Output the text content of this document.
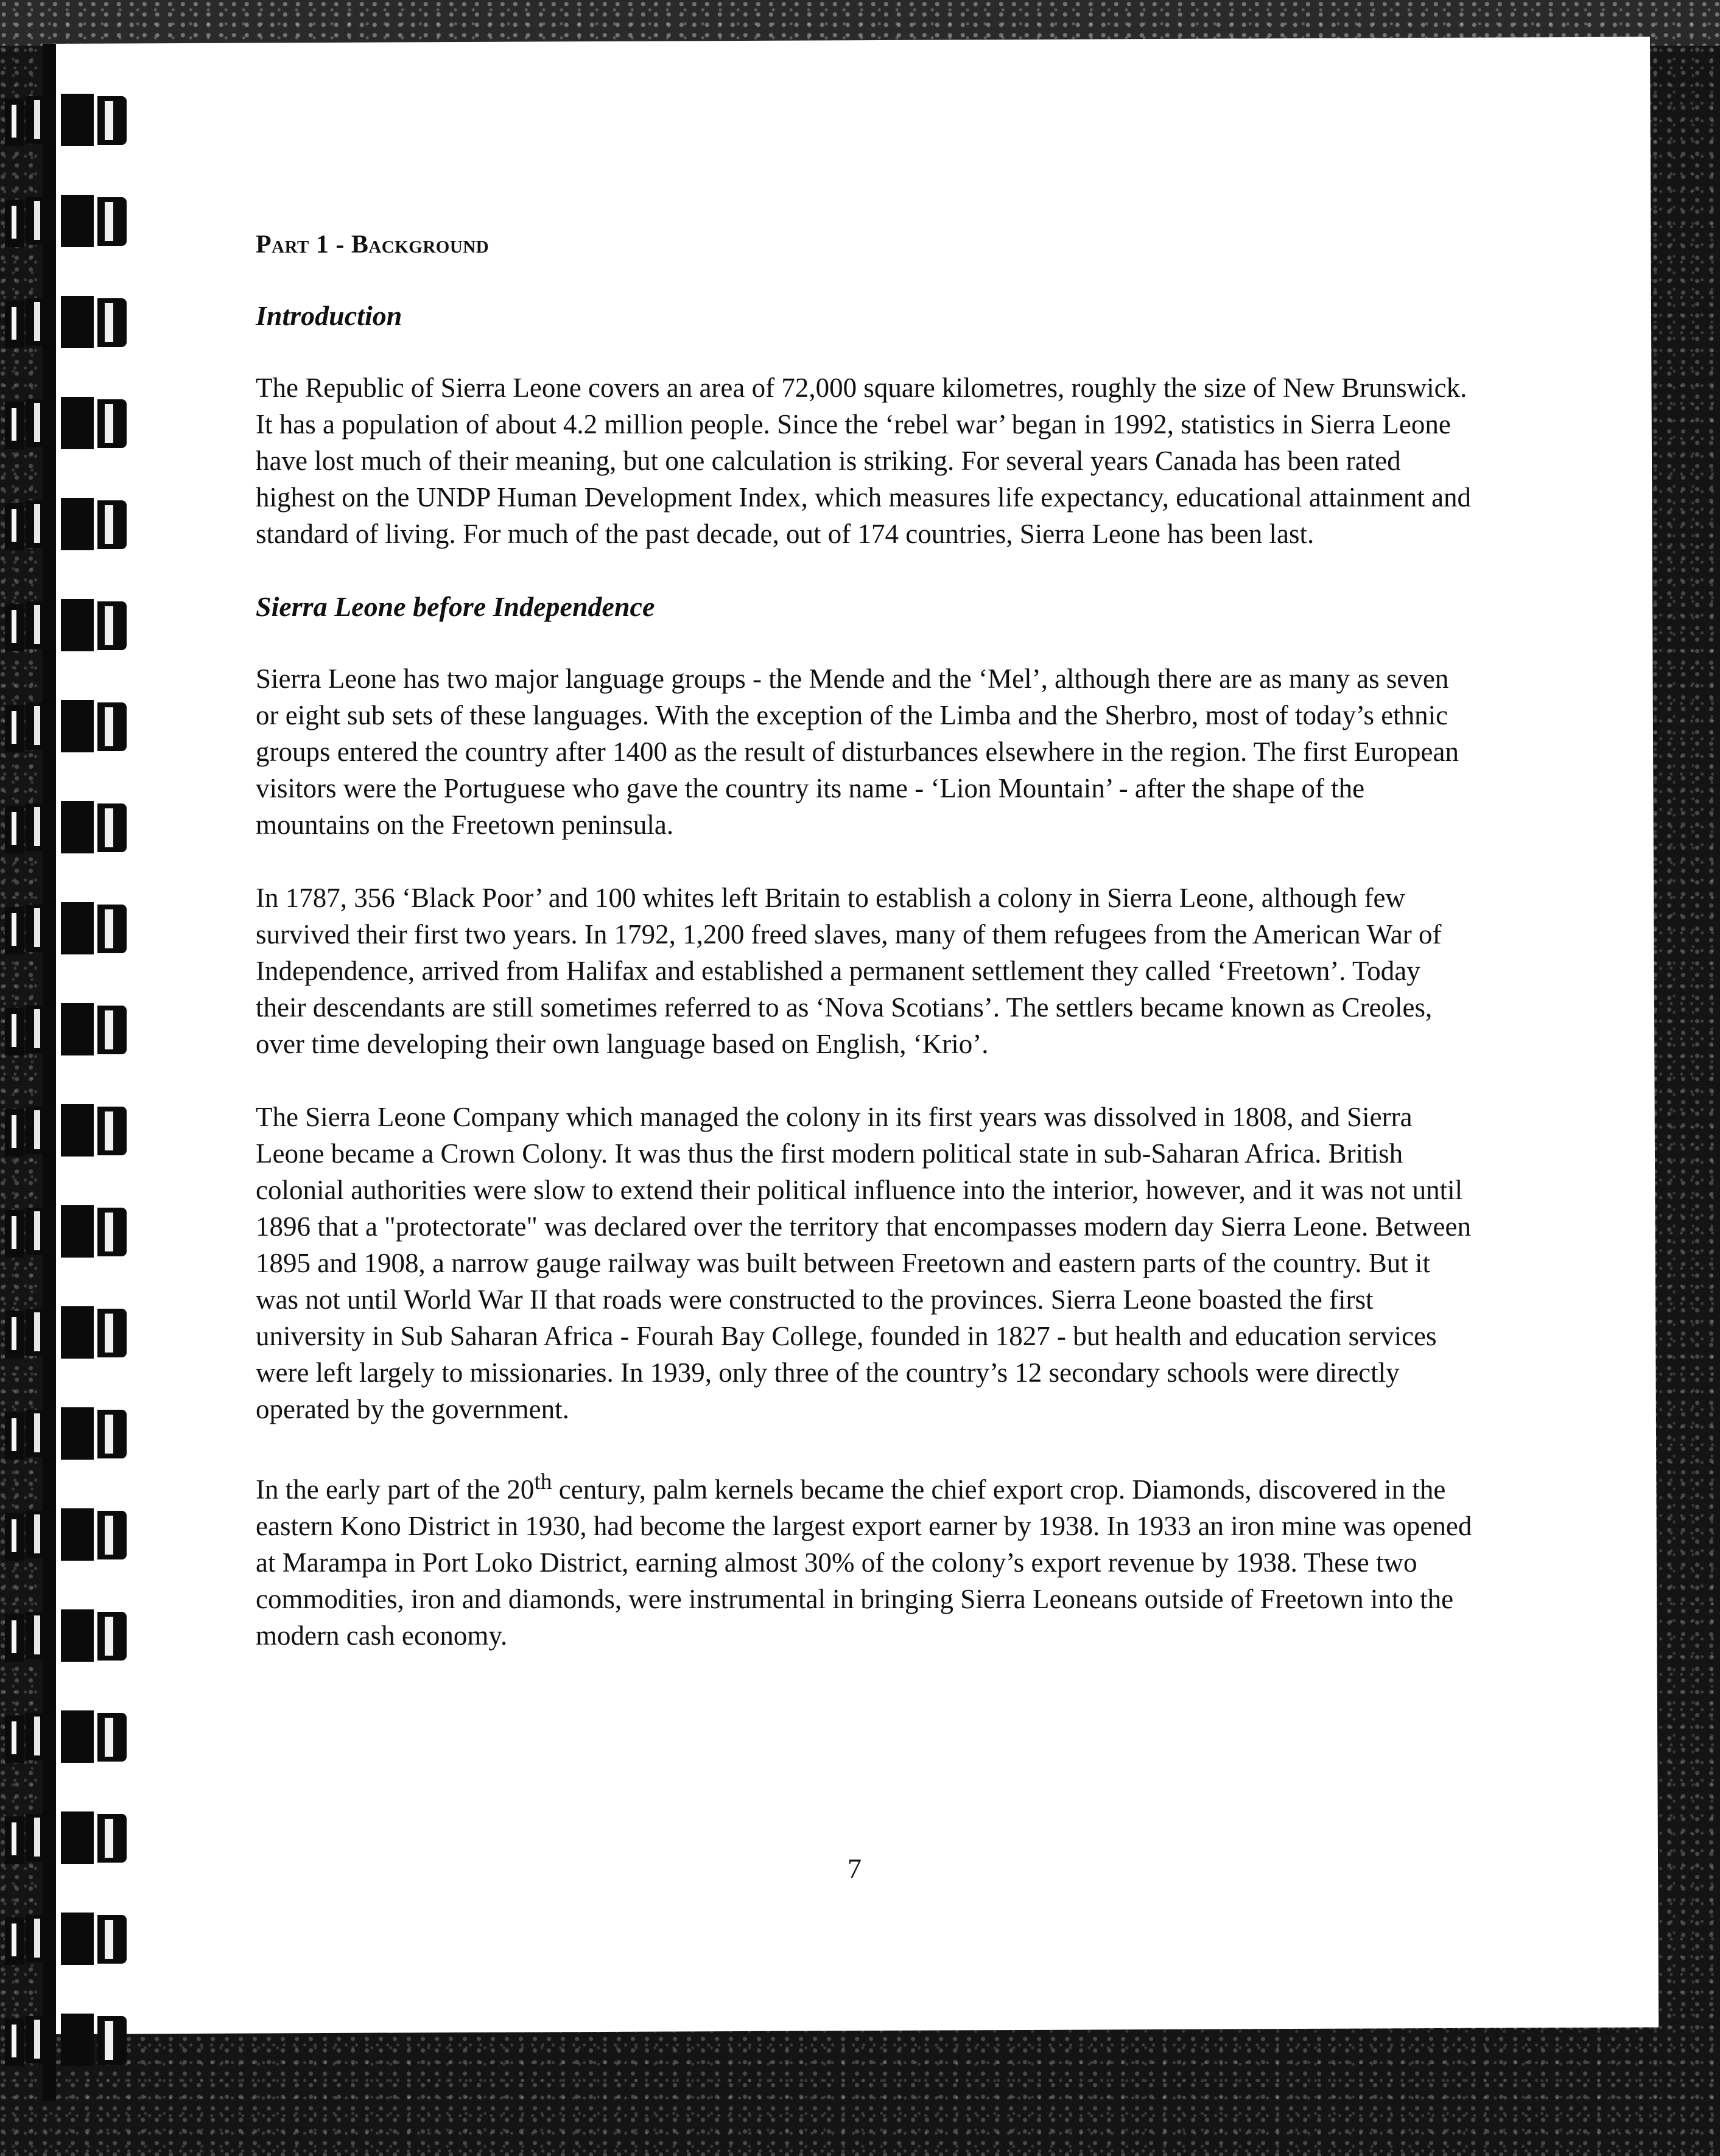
Part 1 - Background
Introduction

The Republic of Sierra Leone covers an area of 72,000 square kilometres, roughly the size of New Brunswick. It has a population of about 4.2 million people. Since the ‘rebel war’ began in 1992, statistics in Sierra Leone have lost much of their meaning, but one calculation is striking. For several years Canada has been rated highest on the UNDP Human Development Index, which measures life expectancy, educational attainment and standard of living. For much of the past decade, out of 174 countries, Sierra Leone has been last.

Sierra Leone before Independence

Sierra Leone has two major language groups - the Mende and the ‘Mel’, although there are as many as seven or eight sub sets of these languages. With the exception of the Limba and the Sherbro, most of today’s ethnic groups entered the country after 1400 as the result of disturbances elsewhere in the region. The first European visitors were the Portuguese who gave the country its name - ‘Lion Mountain’ - after the shape of the mountains on the Freetown peninsula.

In 1787, 356 ‘Black Poor’ and 100 whites left Britain to establish a colony in Sierra Leone, although few survived their first two years. In 1792, 1,200 freed slaves, many of them refugees from the American War of Independence, arrived from Halifax and established a permanent settlement they called ‘Freetown’. Today their descendants are still sometimes referred to as ‘Nova Scotians’. The settlers became known as Creoles, over time developing their own language based on English, ‘Krio’.

The Sierra Leone Company which managed the colony in its first years was dissolved in 1808, and Sierra Leone became a Crown Colony. It was thus the first modern political state in sub-Saharan Africa. British colonial authorities were slow to extend their political influence into the interior, however, and it was not until 1896 that a "protectorate" was declared over the territory that encompasses modern day Sierra Leone. Between 1895 and 1908, a narrow gauge railway was built between Freetown and eastern parts of the country. But it was not until World War II that roads were constructed to the provinces. Sierra Leone boasted the first university in Sub Saharan Africa - Fourah Bay College, founded in 1827 - but health and education services were left largely to missionaries. In 1939, only three of the country’s 12 secondary schools were directly operated by the government.

In the early part of the 20th century, palm kernels became the chief export crop. Diamonds, discovered in the eastern Kono District in 1930, had become the largest export earner by 1938. In 1933 an iron mine was opened at Marampa in Port Loko District, earning almost 30% of the colony’s export revenue by 1938. These two commodities, iron and diamonds, were instrumental in bringing Sierra Leoneans outside of Freetown into the modern cash economy.

7
